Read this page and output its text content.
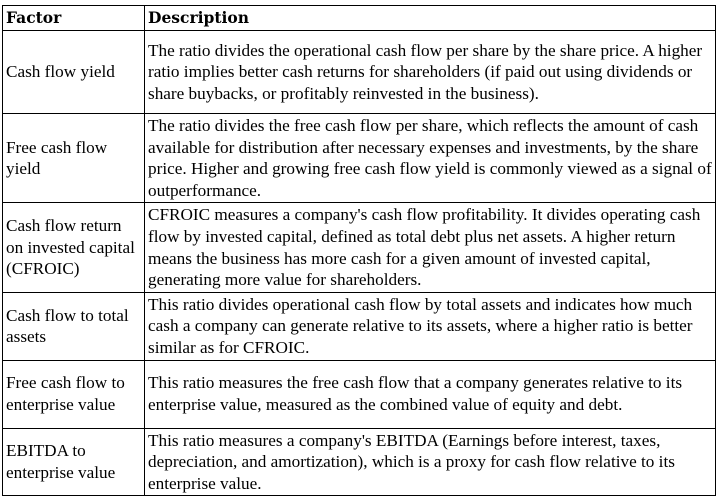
Factor	Description
Cash flow yield	The ratio divides the operational cash flow per share by the share price. A higher ratio implies better cash returns for shareholders (if paid out using dividends or share buybacks, or profitably reinvested in the business).
Free cash flow yield	The ratio divides the free cash flow per share, which reflects the amount of cash available for distribution after necessary expenses and investments, by the share price. Higher and growing free cash flow yield is commonly viewed as a signal of outperformance.
Cash flow return on invested capital (CFROIC)	CFROIC measures a company's cash flow profitability. It divides operating cash flow by invested capital, defined as total debt plus net assets. A higher return means the business has more cash for a given amount of invested capital, generating more value for shareholders.
Cash flow to total assets	This ratio divides operational cash flow by total assets and indicates how much cash a company can generate relative to its assets, where a higher ratio is better similar as for CFROIC.
Free cash flow to enterprise value	This ratio measures the free cash flow that a company generates relative to its enterprise value, measured as the combined value of equity and debt.
EBITDA to enterprise value	This ratio measures a company's EBITDA (Earnings before interest, taxes, depreciation, and amortization), which is a proxy for cash flow relative to its enterprise value.
